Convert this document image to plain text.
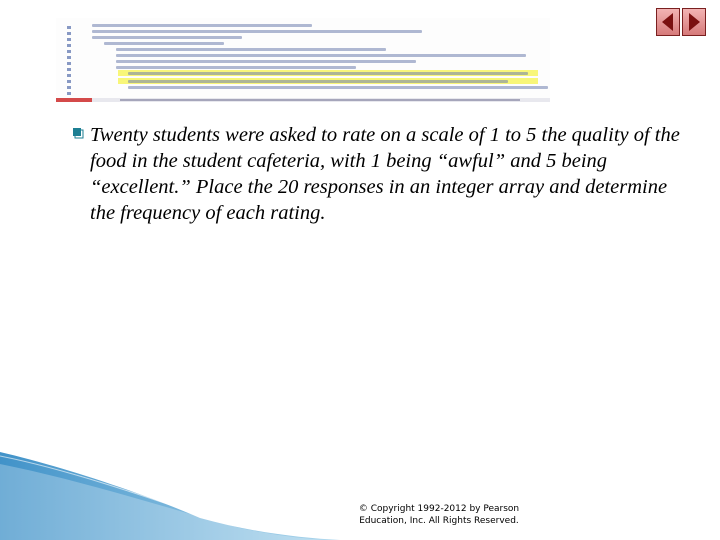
Twenty students were asked to rate on a scale of 1 to 5 the quality of the food in the student cafeteria, with 1 being “awful” and 5 being “excellent.” Place the 20 responses in an integer array and determine the frequency of each rating.

© Copyright 1992-2012 by Pearson Education, Inc. All Rights Reserved.
